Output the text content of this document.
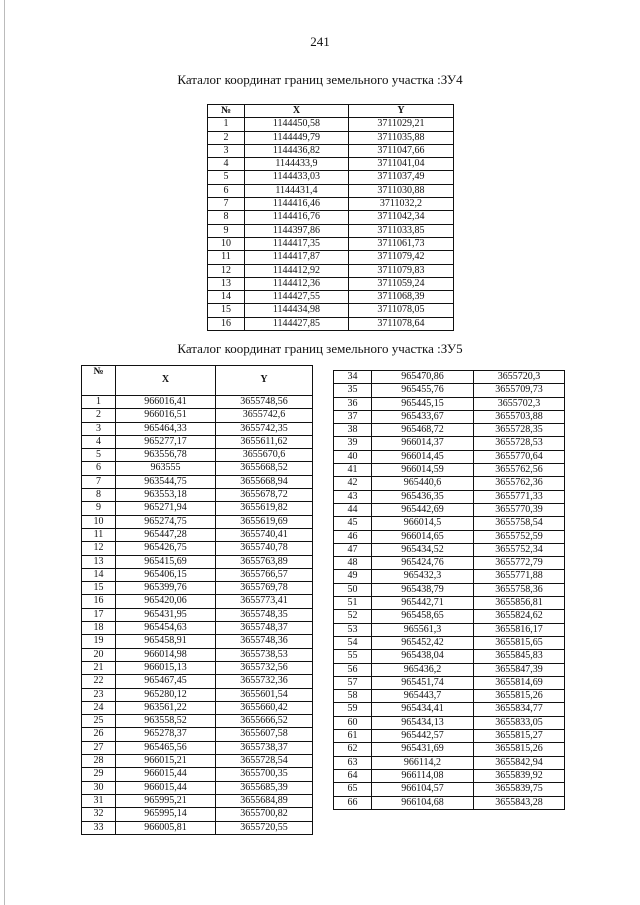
241
Каталог координат границ земельного участка :ЗУ4
№	X	Y
1	1144450,58	3711029,21
2	1144449,79	3711035,88
3	1144436,82	3711047,66
4	1144433,9	3711041,04
5	1144433,03	3711037,49
6	1144431,4	3711030,88
7	1144416,46	3711032,2
8	1144416,76	3711042,34
9	1144397,86	3711033,85
10	1144417,35	3711061,73
11	1144417,87	3711079,42
12	1144412,92	3711079,83
13	1144412,36	3711059,24
14	1144427,55	3711068,39
15	1144434,98	3711078,05
16	1144427,85	3711078,64
Каталог координат границ земельного участка :ЗУ5
№	X	Y
1	966016,41	3655748,56
2	966016,51	3655742,6
3	965464,33	3655742,35
4	965277,17	3655611,62
5	963556,78	3655670,6
6	963555	3655668,52
7	963544,75	3655668,94
8	963553,18	3655678,72
9	965271,94	3655619,82
10	965274,75	3655619,69
11	965447,28	3655740,41
12	965426,75	3655740,78
13	965415,69	3655763,89
14	965406,15	3655766,57
15	965399,76	3655769,78
16	965420,06	3655773,41
17	965431,95	3655748,35
18	965454,63	3655748,37
19	965458,91	3655748,36
20	966014,98	3655738,53
21	966015,13	3655732,56
22	965467,45	3655732,36
23	965280,12	3655601,54
24	963561,22	3655660,42
25	963558,52	3655666,52
26	965278,37	3655607,58
27	965465,56	3655738,37
28	966015,21	3655728,54
29	966015,44	3655700,35
30	966015,44	3655685,39
31	965995,21	3655684,89
32	965995,14	3655700,82
33	966005,81	3655720,55
34	965470,86	3655720,3
35	965455,76	3655709,73
36	965445,15	3655702,3
37	965433,67	3655703,88
38	965468,72	3655728,35
39	966014,37	3655728,53
40	966014,45	3655770,64
41	966014,59	3655762,56
42	965440,6	3655762,36
43	965436,35	3655771,33
44	965442,69	3655770,39
45	966014,5	3655758,54
46	966014,65	3655752,59
47	965434,52	3655752,34
48	965424,76	3655772,79
49	965432,3	3655771,88
50	965438,79	3655758,36
51	965442,71	3655856,81
52	965458,65	3655824,62
53	965561,3	3655816,17
54	965452,42	3655815,65
55	965438,04	3655845,83
56	965436,2	3655847,39
57	965451,74	3655814,69
58	965443,7	3655815,26
59	965434,41	3655834,77
60	965434,13	3655833,05
61	965442,57	3655815,27
62	965431,69	3655815,26
63	966114,2	3655842,94
64	966114,08	3655839,92
65	966104,57	3655839,75
66	966104,68	3655843,28
